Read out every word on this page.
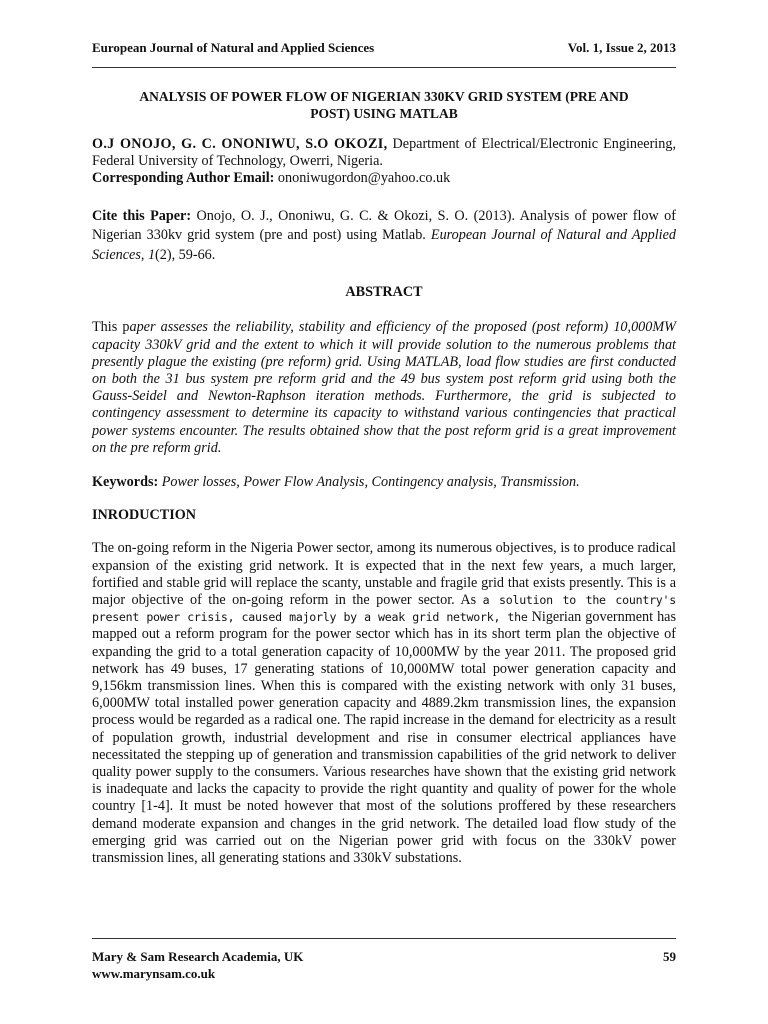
European Journal of Natural and Applied Sciences	Vol. 1, Issue 2, 2013
ANALYSIS OF POWER FLOW OF NIGERIAN 330KV GRID SYSTEM (PRE AND
POST) USING MATLAB
O.J ONOJO, G. C. ONONIWU, S.O OKOZI, Department of Electrical/Electronic Engineering, Federal University of Technology, Owerri, Nigeria.
Corresponding Author Email: ononiwugordon@yahoo.co.uk
Cite this Paper: Onojo, O. J., Ononiwu, G. C. & Okozi, S. O. (2013). Analysis of power flow of Nigerian 330kv grid system (pre and post) using Matlab. European Journal of Natural and Applied Sciences, 1(2), 59-66.
ABSTRACT
This paper assesses the reliability, stability and efficiency of the proposed (post reform) 10,000MW capacity 330kV grid and the extent to which it will provide solution to the numerous problems that presently plague the existing (pre reform) grid. Using MATLAB, load flow studies are first conducted on both the 31 bus system pre reform grid and the 49 bus system post reform grid using both the Gauss-Seidel and Newton-Raphson iteration methods. Furthermore, the grid is subjected to contingency assessment to determine its capacity to withstand various contingencies that practical power systems encounter. The results obtained show that the post reform grid is a great improvement on the pre reform grid.
Keywords: Power losses, Power Flow Analysis, Contingency analysis, Transmission.
INRODUCTION
The on-going reform in the Nigeria Power sector, among its numerous objectives, is to produce radical expansion of the existing grid network. It is expected that in the next few years, a much larger, fortified and stable grid will replace the scanty, unstable and fragile grid that exists presently. This is a major objective of the on-going reform in the power sector. As a solution to the country's present power crisis, caused majorly by a weak grid network, the Nigerian government has mapped out a reform program for the power sector which has in its short term plan the objective of expanding the grid to a total generation capacity of 10,000MW by the year 2011. The proposed grid network has 49 buses, 17 generating stations of 10,000MW total power generation capacity and 9,156km transmission lines. When this is compared with the existing network with only 31 buses, 6,000MW total installed power generation capacity and 4889.2km transmission lines, the expansion process would be regarded as a radical one. The rapid increase in the demand for electricity as a result of population growth, industrial development and rise in consumer electrical appliances have necessitated the stepping up of generation and transmission capabilities of the grid network to deliver quality power supply to the consumers. Various researches have shown that the existing grid network is inadequate and lacks the capacity to provide the right quantity and quality of power for the whole country [1-4]. It must be noted however that most of the solutions proffered by these researchers demand moderate expansion and changes in the grid network. The detailed load flow study of the emerging grid was carried out on the Nigerian power grid with focus on the 330kV power transmission lines, all generating stations and 330kV substations.
Mary & Sam Research Academia, UK	59
www.marynsam.co.uk
